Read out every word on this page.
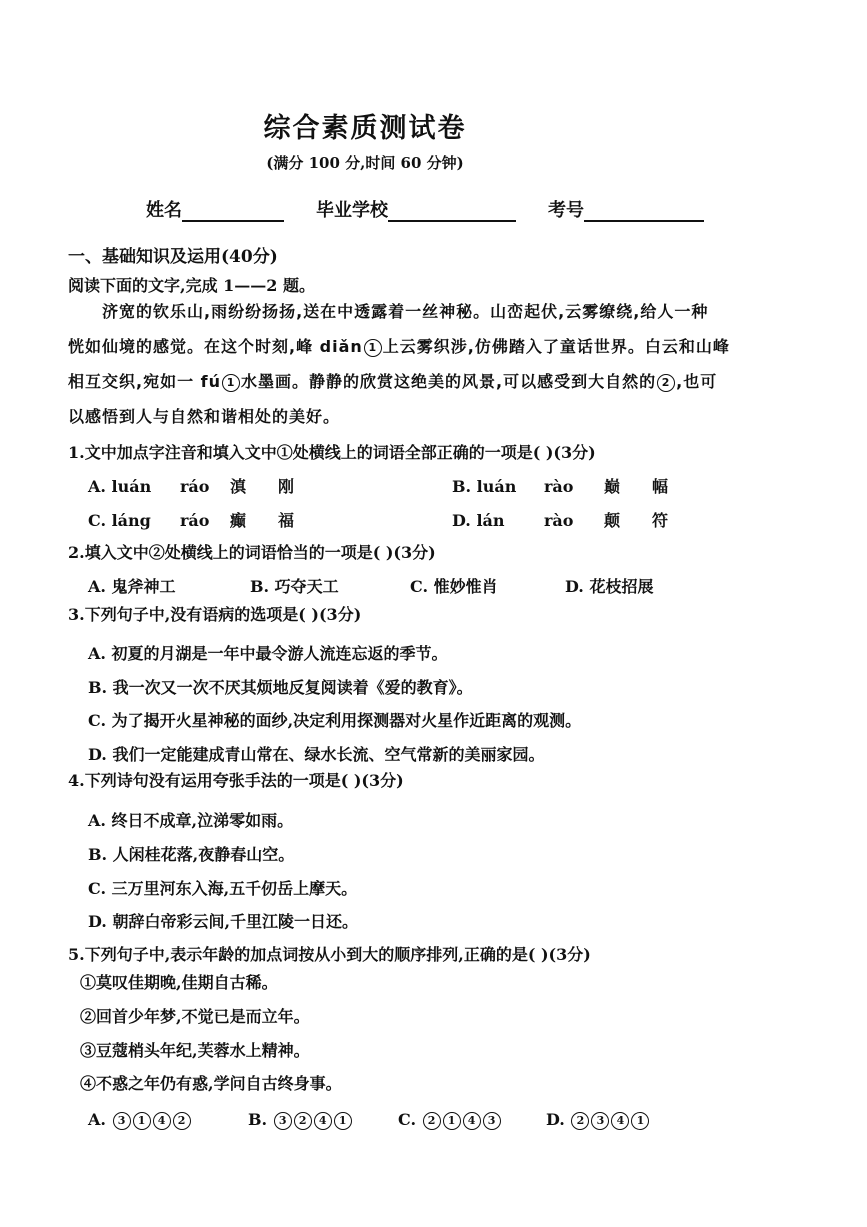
综合素质测试卷
(满分 100 分,时间 60 分钟)
姓名	毕业学校	考号
一、基础知识及运用(40分)
阅读下面的文字,完成 1——2 题。
济宽的钦乐山,雨纷纷扬扬,送在中透露着一丝神秘。山峦起伏,云雾缭绕,给人一种
恍如仙境的感觉。在这个时刻,峰 diǎn 1 上云雾织涉,仿佛踏入了童话世界。白云和山峰
相互交织,宛如一 fú 1 水墨画。静静的欣赏这绝美的风景,可以感受到大自然的 2 ,也可
以感悟到人与自然和谐相处的美好。
1.文中加点字注音和填入文中①处横线上的词语全部正确的一项是( )(3分)
A. luán ráo 滇 刚	B. luán rào 巅 幅
C. láng ráo 癫 福	D. lán rào 颠 符
2.填入文中②处横线上的词语恰当的一项是( )(3分)
A. 鬼斧神工	B. 巧夺天工	C. 惟妙惟肖	D. 花枝招展
3.下列句子中,没有语病的选项是( )(3分)
A. 初夏的月湖是一年中最令游人流连忘返的季节。
B. 我一次又一次不厌其烦地反复阅读着《爱的教育》。
C. 为了揭开火星神秘的面纱,决定利用探测器对火星作近距离的观测。
D. 我们一定能建成青山常在、绿水长流、空气常新的美丽家园。
4.下列诗句没有运用夸张手法的一项是( )(3分)
A. 终日不成章,泣涕零如雨。
B. 人闲桂花落,夜静春山空。
C. 三万里河东入海,五千仞岳上摩天。
D. 朝辞白帝彩云间,千里江陵一日还。
5.下列句子中,表示年龄的加点词按从小到大的顺序排列,正确的是( )(3分)
①莫叹佳期晚,佳期自古稀。
②回首少年梦,不觉已是而立年。
③豆蔻梢头年纪,芙蓉水上精神。
④不惑之年仍有惑,学问自古终身事。
A. 3 1 4 2	B. 3 2 4 1	C. 2 1 4 3	D. 2 3 4 1
